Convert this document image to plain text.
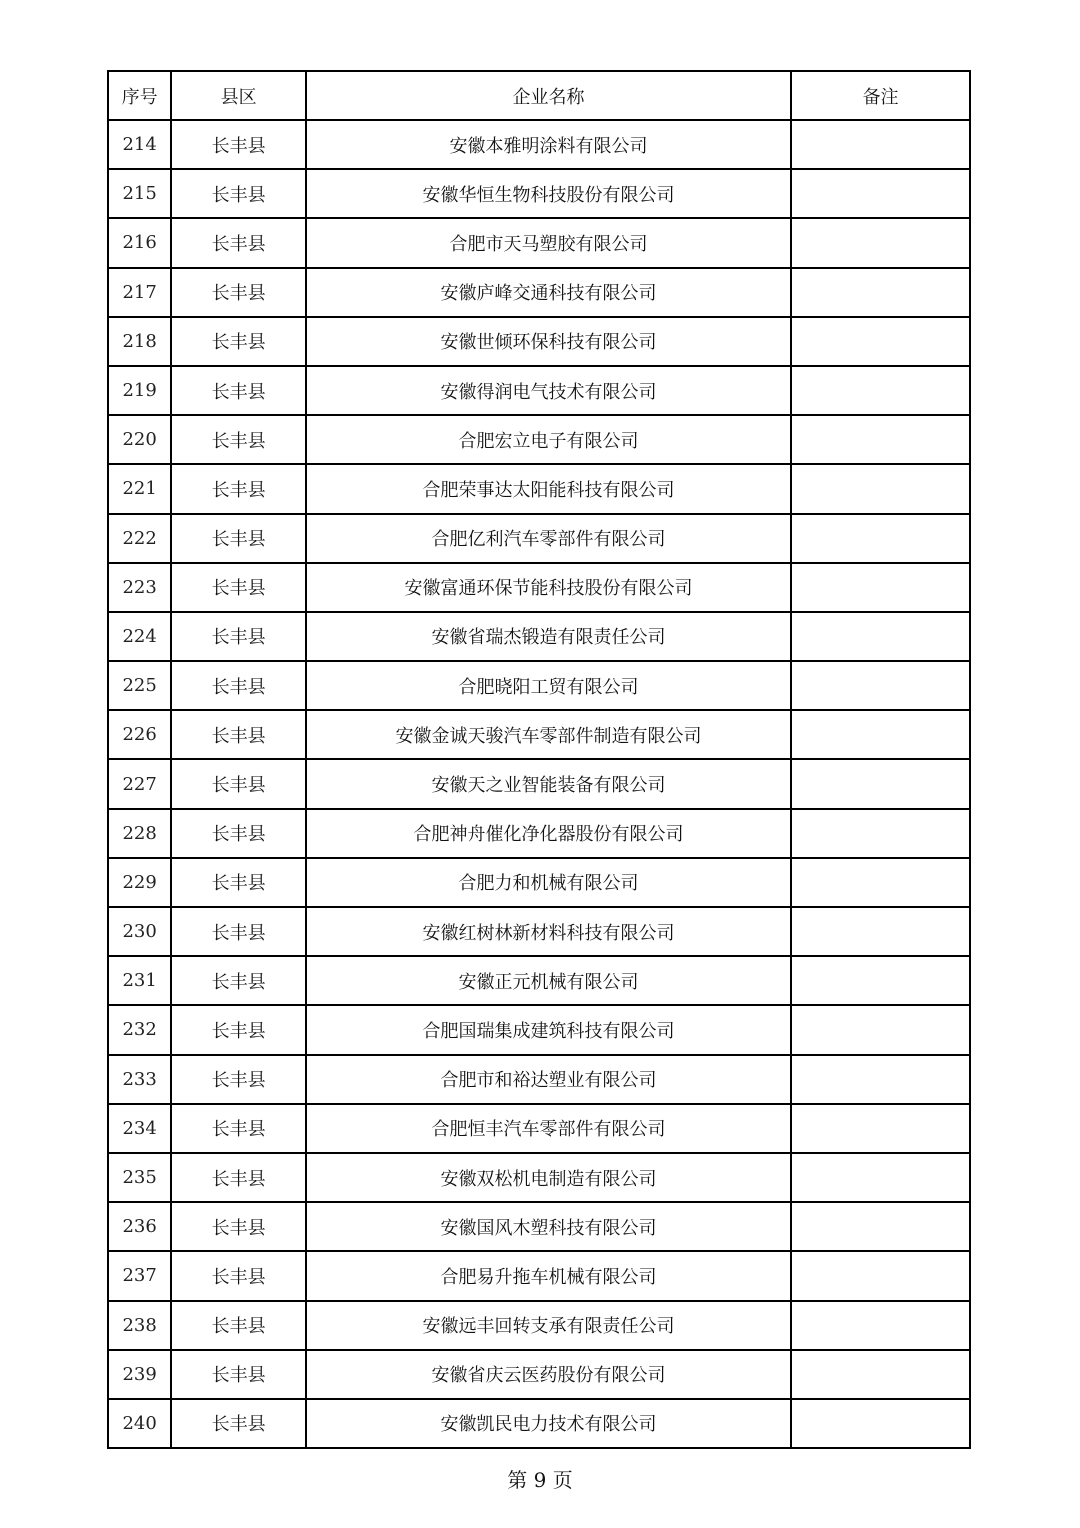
序号	县区	企业名称	备注
214	长丰县	安徽本雅明涂料有限公司	
215	长丰县	安徽华恒生物科技股份有限公司	
216	长丰县	合肥市天马塑胶有限公司	
217	长丰县	安徽庐峰交通科技有限公司	
218	长丰县	安徽世倾环保科技有限公司	
219	长丰县	安徽得润电气技术有限公司	
220	长丰县	合肥宏立电子有限公司	
221	长丰县	合肥荣事达太阳能科技有限公司	
222	长丰县	合肥亿利汽车零部件有限公司	
223	长丰县	安徽富通环保节能科技股份有限公司	
224	长丰县	安徽省瑞杰锻造有限责任公司	
225	长丰县	合肥晓阳工贸有限公司	
226	长丰县	安徽金诚天骏汽车零部件制造有限公司	
227	长丰县	安徽天之业智能装备有限公司	
228	长丰县	合肥神舟催化净化器股份有限公司	
229	长丰县	合肥力和机械有限公司	
230	长丰县	安徽红树林新材料科技有限公司	
231	长丰县	安徽正元机械有限公司	
232	长丰县	合肥国瑞集成建筑科技有限公司	
233	长丰县	合肥市和裕达塑业有限公司	
234	长丰县	合肥恒丰汽车零部件有限公司	
235	长丰县	安徽双松机电制造有限公司	
236	长丰县	安徽国风木塑科技有限公司	
237	长丰县	合肥易升拖车机械有限公司	
238	长丰县	安徽远丰回转支承有限责任公司	
239	长丰县	安徽省庆云医药股份有限公司	
240	长丰县	安徽凯民电力技术有限公司	
第 9 页
